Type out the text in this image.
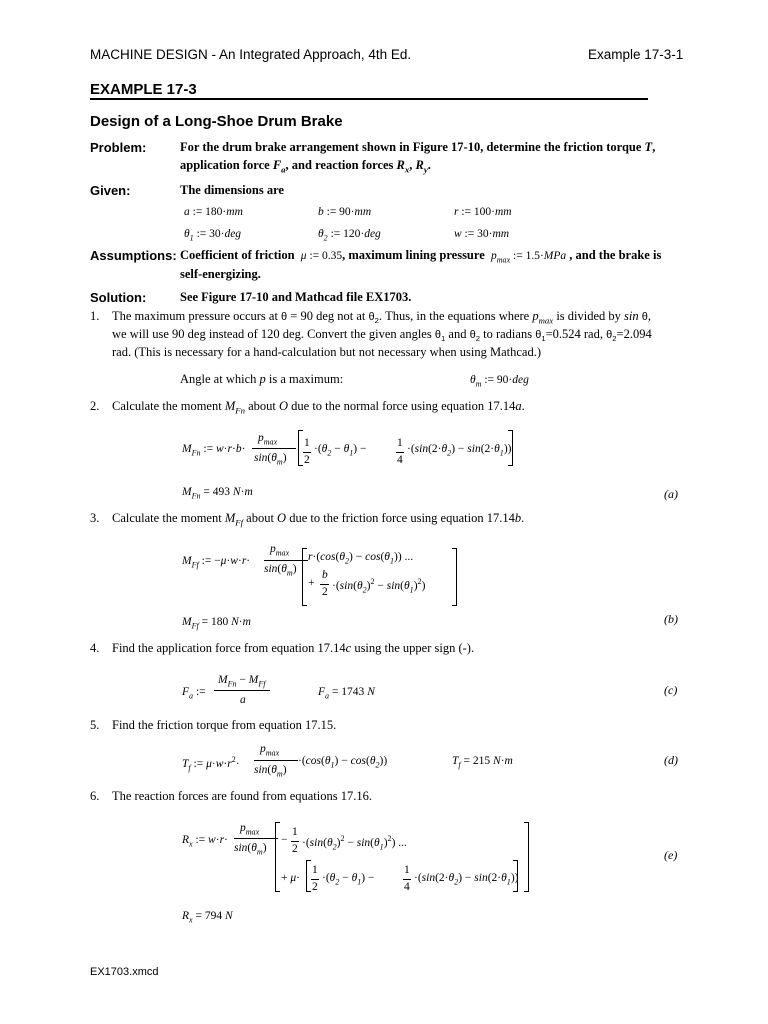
MACHINE DESIGN - An Integrated Approach, 4th Ed.	Example 17-3-1
EXAMPLE 17-3
Design of a Long-Shoe Drum Brake
Problem:	For the drum brake arrangement shown in Figure 17-10, determine the friction torque T,
application force $F_a$, and reaction forces $R_x$, $R_y$.
Given:	The dimensions are
a := 180·mm	b := 90·mm	r := 100·mm
$\theta_1$ := 30·deg	$\theta_2$ := 120·deg	w := 30·mm
Assumptions: Coefficient of friction μ := 0.35, maximum lining pressure $p_{max}$ := 1.5·MPa , and the brake is
self-energizing.
Solution:	See Figure 17-10 and Mathcad file EX1703.
1. The maximum pressure occurs at θ = 90 deg not at $\theta_2$. Thus, in the equations where $p_{max}$ is divided by sin θ,
we will use 90 deg instead of 120 deg. Convert the given angles $\theta_1$ and $\theta_2$ to radians $\theta_1=0.524$ rad, $\theta_2=2.094$
rad. (This is necessary for a hand-calculation but not necessary when using Mathcad.)
Angle at which p is a maximum:	$\theta_m$ := 90·deg
2. Calculate the moment $M_{Fn}$ about O due to the normal force using equation 17.14a.
$M_{Fn}$ := w·r·b·
$p_{max}$
$\sin(\theta_m)$
1
2
$\cdot(\theta_2 - \theta_1)$ −	1
4
$\cdot(\sin(2\cdot\theta_2) - \sin(2\cdot\theta_1))$
$M_{Fn} = 493$ N·m	(a)
3. Calculate the moment $M_{Ff}$ about O due to the friction force using equation 17.14b.
$M_{Ff}$ := −μ·w·r·
$p_{max}$
$\sin(\theta_m)$
$r\cdot(\cos(\theta_2) - \cos(\theta_1))$ ...
+
b
2
$\cdot(\sin(\theta_2)^2 - \sin(\theta_1)^2)$
$M_{Ff} = 180$ N·m	(b)
4. Find the application force from equation 17.14c using the upper sign (-).
$F_a$ :=
$M_{Fn} - M_{Ff}$
a
$F_a = 1743$ N	(c)
5. Find the friction torque from equation 17.15.
$T_f$ := $\mu\cdot w\cdot r^2\cdot$
$p_{max}$
$\sin(\theta_m)$
$\cdot(\cos(\theta_1) - \cos(\theta_2))$	$T_f = 215$ N·m	(d)
6. The reaction forces are found from equations 17.16.
$R_x$ := w·r·
$p_{max}$
$\sin(\theta_m)$
−
1
2
$\cdot(\sin(\theta_2)^2 - \sin(\theta_1)^2)$ ...
+ μ·
1
2
$\cdot(\theta_2 - \theta_1)$ −
1
4
$\cdot(\sin(2\cdot\theta_2) - \sin(2\cdot\theta_1))$
(e)
$R_x = 794$ N
EX1703.xmcd
